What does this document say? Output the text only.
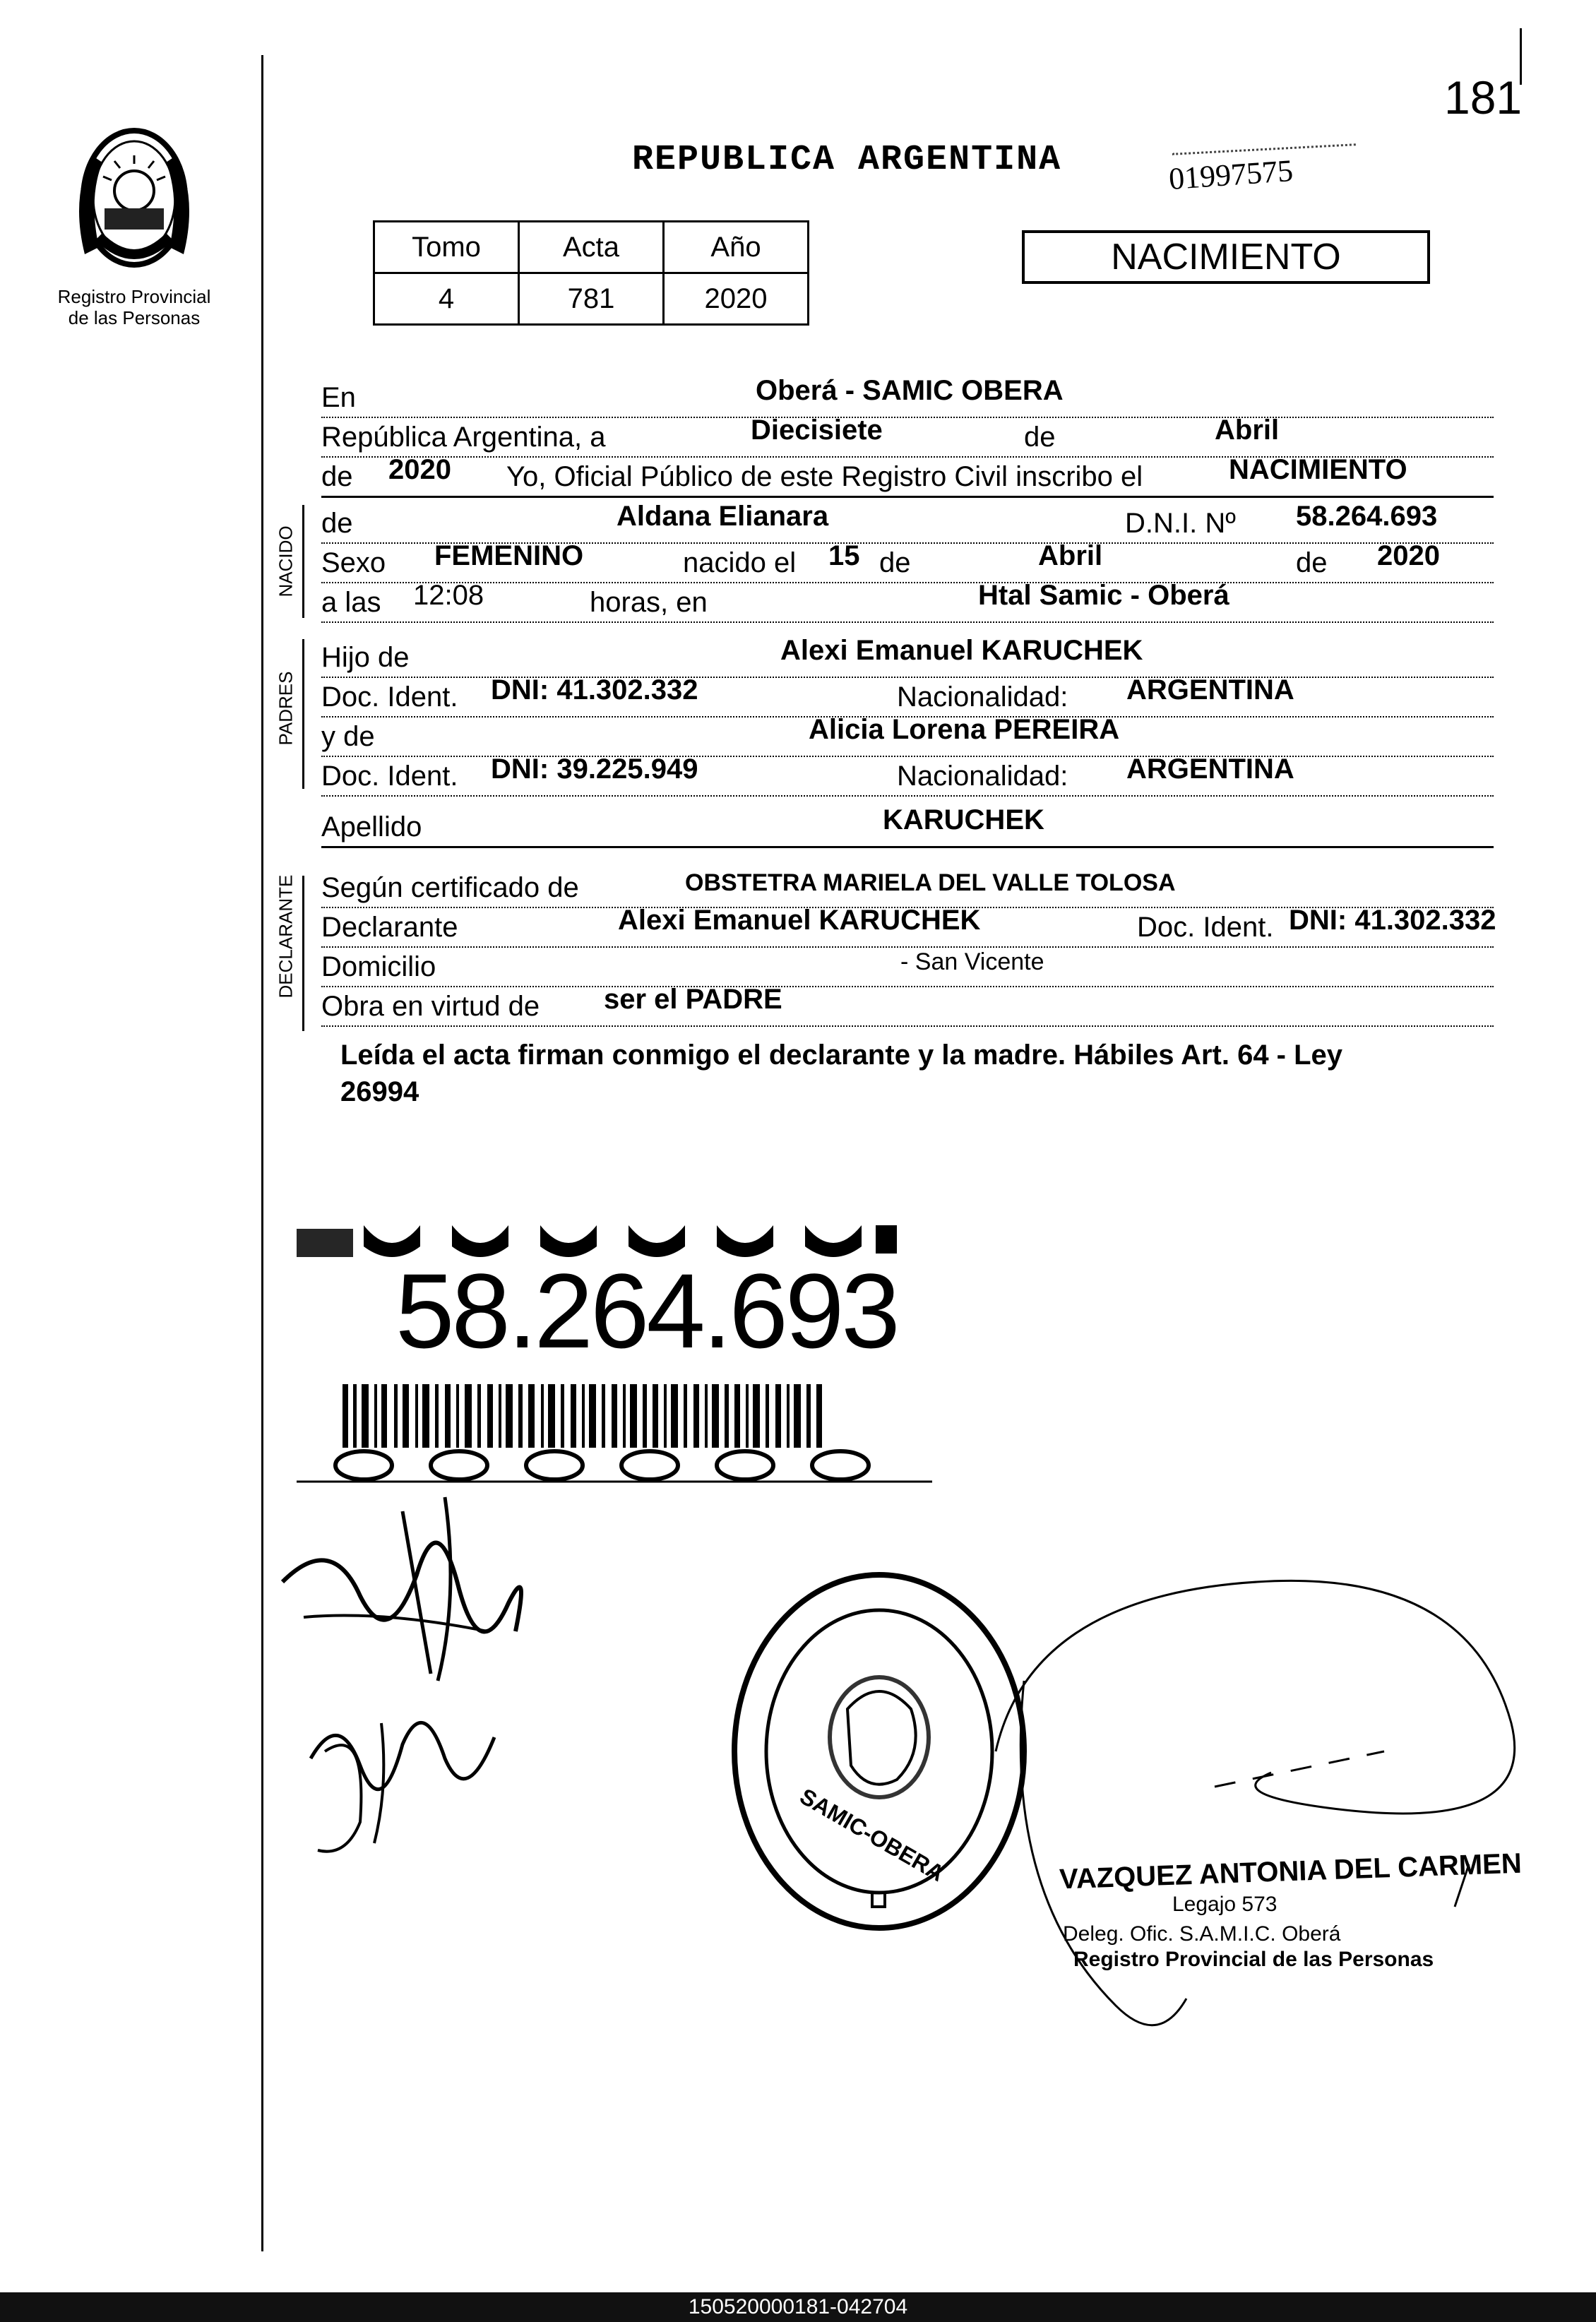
181
Registro Provincial
de las Personas
REPUBLICA ARGENTINA	01997575
Tomo	Acta	Año
4	781	2020
NACIMIENTO
En	Oberá - SAMIC OBERA
República Argentina, a	Diecisiete	de	Abril
de 2020 Yo, Oficial Público de este Registro Civil inscribo el	NACIMIENTO
NACIDO
de	Aldana Elianara	D.N.I. Nº 58.264.693
Sexo FEMENINO	nacido el 15 de	Abril	de 2020
a las 12:08	horas, en	Htal Samic - Oberá
PADRES
Hijo de	Alexi Emanuel KARUCHEK
Doc. Ident. DNI: 41.302.332	Nacionalidad: ARGENTINA
y de	Alicia Lorena PEREIRA
Doc. Ident. DNI: 39.225.949	Nacionalidad: ARGENTINA
Apellido	KARUCHEK
DECLARANTE Según certificado de	OBSTETRA MARIELA DEL VALLE TOLOSA
Declarante	Alexi Emanuel KARUCHEK	Doc. Ident. DNI: 41.302.332
Domicilio	- San Vicente
Obra en virtud de ser el PADRE
Leída el acta firman conmigo el declarante y la madre. Hábiles Art. 64 - Ley
26994
58.264.693
SAMIC-OBERA	VAZQUEZ ANTONIA DEL CARMEN
Legajo 573
Deleg. Ofic. S.A.M.I.C. Oberá
Registro Provincial de las Personas
150520000181-042704
